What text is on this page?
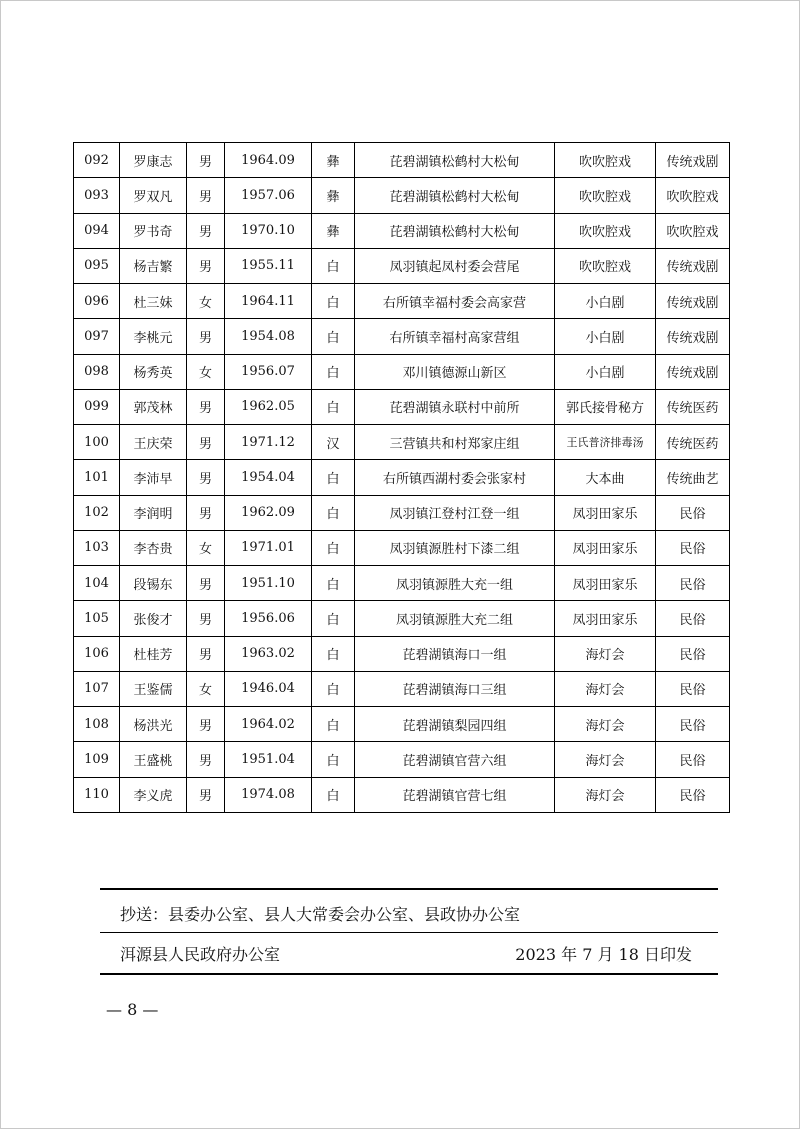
092	罗康志	男	1964.09	彝	芘碧湖镇松鹤村大松甸	吹吹腔戏	传统戏剧
093	罗双凡	男	1957.06	彝	芘碧湖镇松鹤村大松甸	吹吹腔戏	吹吹腔戏
094	罗书奇	男	1970.10	彝	芘碧湖镇松鹤村大松甸	吹吹腔戏	吹吹腔戏
095	杨吉繁	男	1955.11	白	凤羽镇起凤村委会营尾	吹吹腔戏	传统戏剧
096	杜三妹	女	1964.11	白	右所镇幸福村委会高家营	小白剧	传统戏剧
097	李桃元	男	1954.08	白	右所镇幸福村高家营组	小白剧	传统戏剧
098	杨秀英	女	1956.07	白	邓川镇德源山新区	小白剧	传统戏剧
099	郭茂林	男	1962.05	白	芘碧湖镇永联村中前所	郭氏接骨秘方	传统医药
100	王庆荣	男	1971.12	汉	三营镇共和村郑家庄组	王氏普济排毒汤	传统医药
101	李沛早	男	1954.04	白	右所镇西湖村委会张家村	大本曲	传统曲艺
102	李润明	男	1962.09	白	凤羽镇江登村江登一组	凤羽田家乐	民俗
103	李杏贵	女	1971.01	白	凤羽镇源胜村下漆二组	凤羽田家乐	民俗
104	段锡东	男	1951.10	白	凤羽镇源胜大充一组	凤羽田家乐	民俗
105	张俊才	男	1956.06	白	凤羽镇源胜大充二组	凤羽田家乐	民俗
106	杜桂芳	男	1963.02	白	芘碧湖镇海口一组	海灯会	民俗
107	王鉴儒	女	1946.04	白	芘碧湖镇海口三组	海灯会	民俗
108	杨洪光	男	1964.02	白	芘碧湖镇梨园四组	海灯会	民俗
109	王盛桃	男	1951.04	白	芘碧湖镇官营六组	海灯会	民俗
110	李义虎	男	1974.08	白	芘碧湖镇官营七组	海灯会	民俗
抄送：县委办公室、县人大常委会办公室、县政协办公室
洱源县人民政府办公室	2023 年 7 月 18 日印发
— 8 —
